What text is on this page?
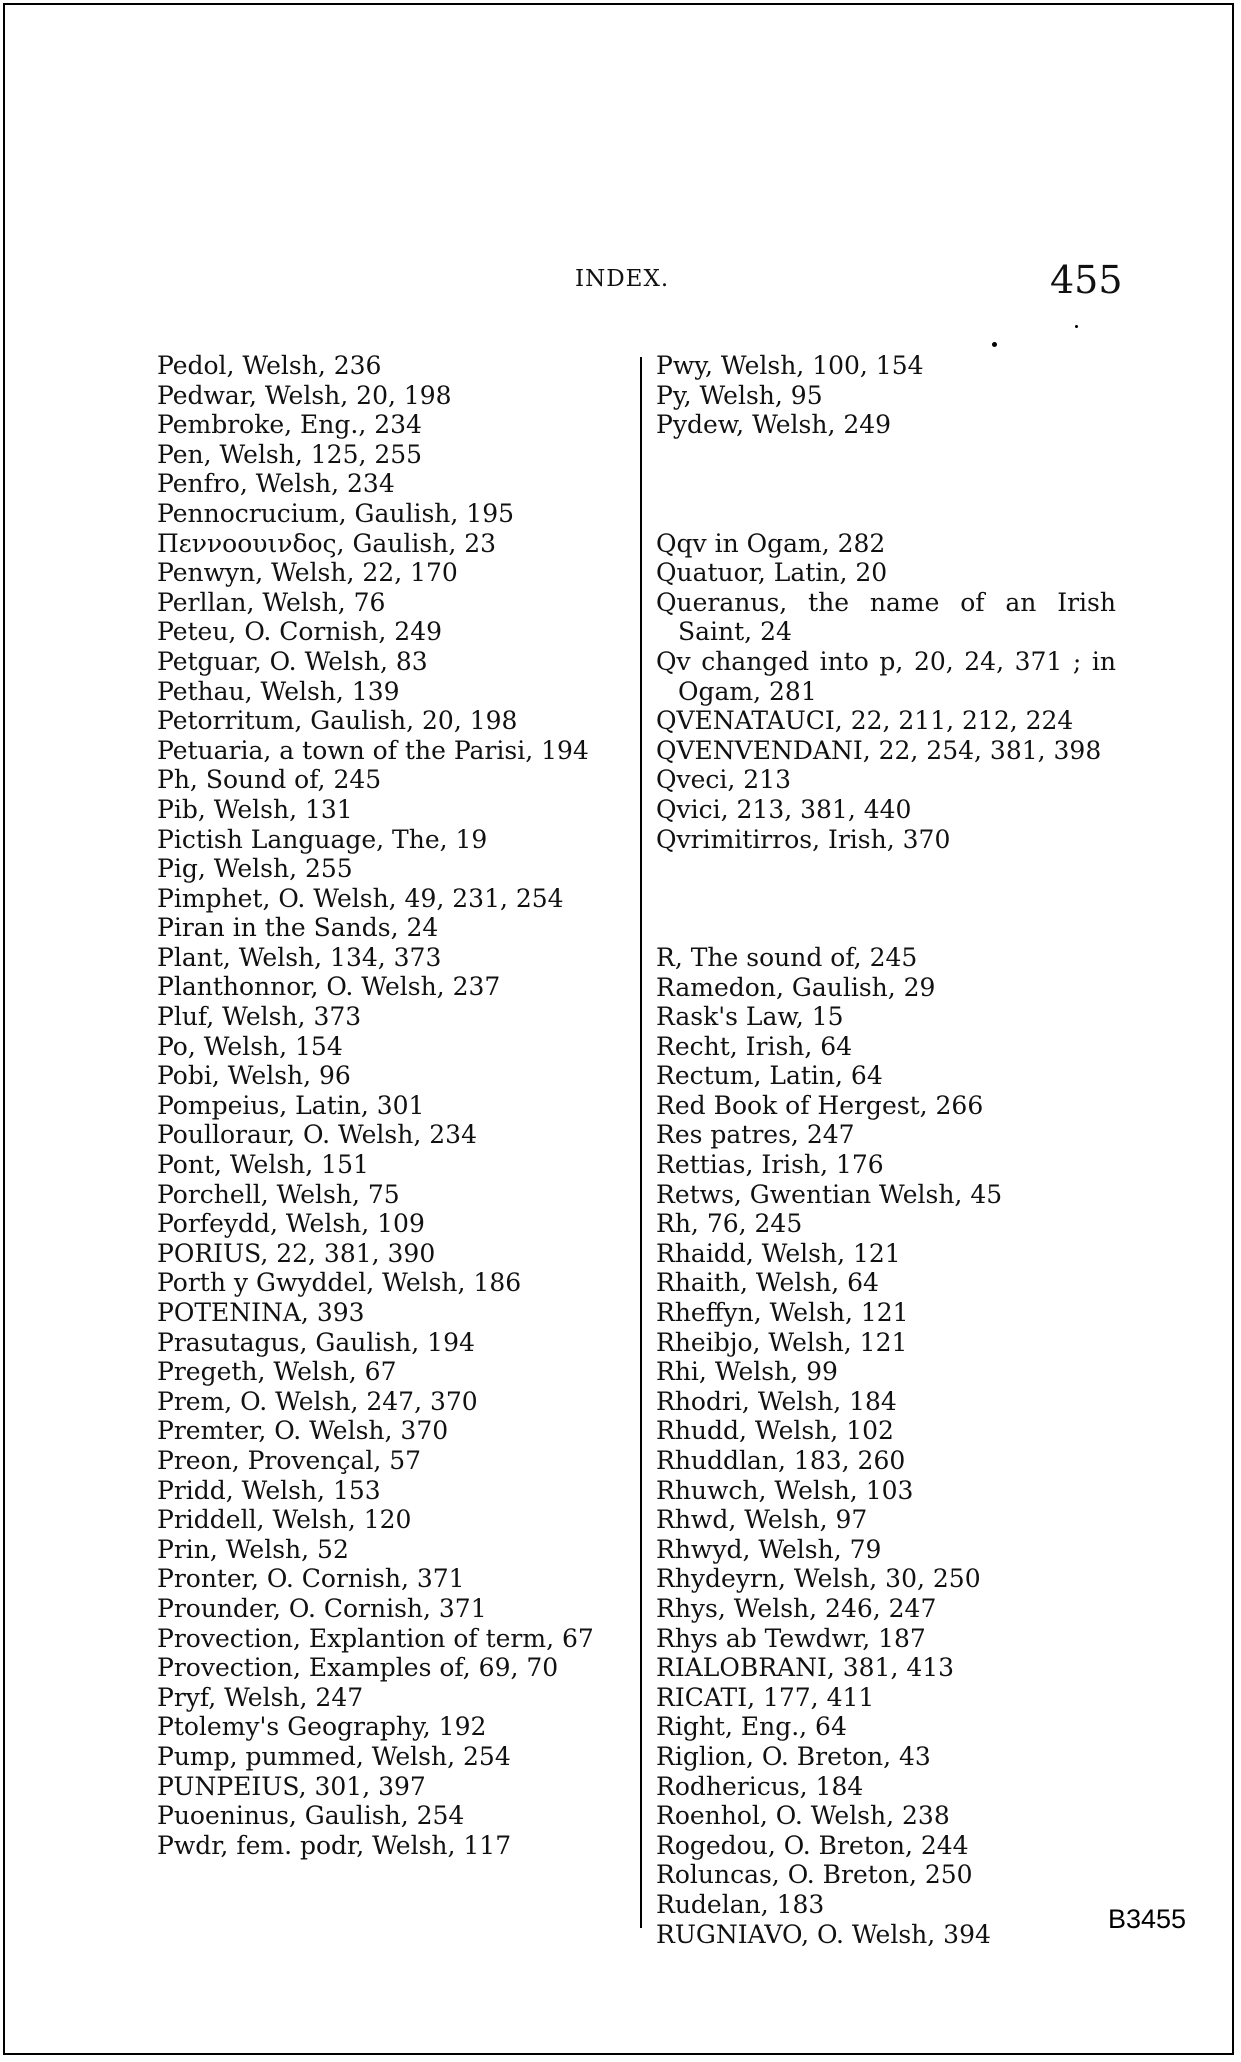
INDEX.	455
Pedol, Welsh, 236
Pedwar, Welsh, 20, 198
Pembroke, Eng., 234
Pen, Welsh, 125, 255
Penfro, Welsh, 234
Pennocrucium, Gaulish, 195
Πεννοουινδος, Gaulish, 23
Penwyn, Welsh, 22, 170
Perllan, Welsh, 76
Peteu, O. Cornish, 249
Petguar, O. Welsh, 83
Pethau, Welsh, 139
Petorritum, Gaulish, 20, 198
Petuaria, a town of the Parisi, 194
Ph, Sound of, 245
Pib, Welsh, 131
Pictish Language, The, 19
Pig, Welsh, 255
Pimphet, O. Welsh, 49, 231, 254
Piran in the Sands, 24
Plant, Welsh, 134, 373
Planthonnor, O. Welsh, 237
Pluf, Welsh, 373
Po, Welsh, 154
Pobi, Welsh, 96
Pompeius, Latin, 301
Poulloraur, O. Welsh, 234
Pont, Welsh, 151
Porchell, Welsh, 75
Porfeydd, Welsh, 109
PORIUS, 22, 381, 390
Porth y Gwyddel, Welsh, 186
POTENINA, 393
Prasutagus, Gaulish, 194
Pregeth, Welsh, 67
Prem, O. Welsh, 247, 370
Premter, O. Welsh, 370
Preon, Provençal, 57
Pridd, Welsh, 153
Priddell, Welsh, 120
Prin, Welsh, 52
Pronter, O. Cornish, 371
Prounder, O. Cornish, 371
Provection, Explantion of term, 67
Provection, Examples of, 69, 70
Pryf, Welsh, 247
Ptolemy's Geography, 192
Pump, pummed, Welsh, 254
PUNPEIUS, 301, 397
Puoeninus, Gaulish, 254
Pwdr, fem. podr, Welsh, 117
Pwy, Welsh, 100, 154
Py, Welsh, 95
Pydew, Welsh, 249
Qqv in Ogam, 282
Quatuor, Latin, 20
Queranus, the name of an Irish Saint, 24
Qv changed into p, 20, 24, 371 ; in Ogam, 281
QVENATAUCI, 22, 211, 212, 224
QVENVENDANI, 22, 254, 381, 398
Qveci, 213
Qvici, 213, 381, 440
Qvrimitirros, Irish, 370
R, The sound of, 245
Ramedon, Gaulish, 29
Rask's Law, 15
Recht, Irish, 64
Rectum, Latin, 64
Red Book of Hergest, 266
Res patres, 247
Rettias, Irish, 176
Retws, Gwentian Welsh, 45
Rh, 76, 245
Rhaidd, Welsh, 121
Rhaith, Welsh, 64
Rheffyn, Welsh, 121
Rheibjo, Welsh, 121
Rhi, Welsh, 99
Rhodri, Welsh, 184
Rhudd, Welsh, 102
Rhuddlan, 183, 260
Rhuwch, Welsh, 103
Rhwd, Welsh, 97
Rhwyd, Welsh, 79
Rhydeyrn, Welsh, 30, 250
Rhys, Welsh, 246, 247
Rhys ab Tewdwr, 187
RIALOBRANI, 381, 413
RICATI, 177, 411
Right, Eng., 64
Riglion, O. Breton, 43
Rodhericus, 184
Roenhol, O. Welsh, 238
Rogedou, O. Breton, 244
Roluncas, O. Breton, 250
Rudelan, 183
RUGNIAVO, O. Welsh, 394	B3455
